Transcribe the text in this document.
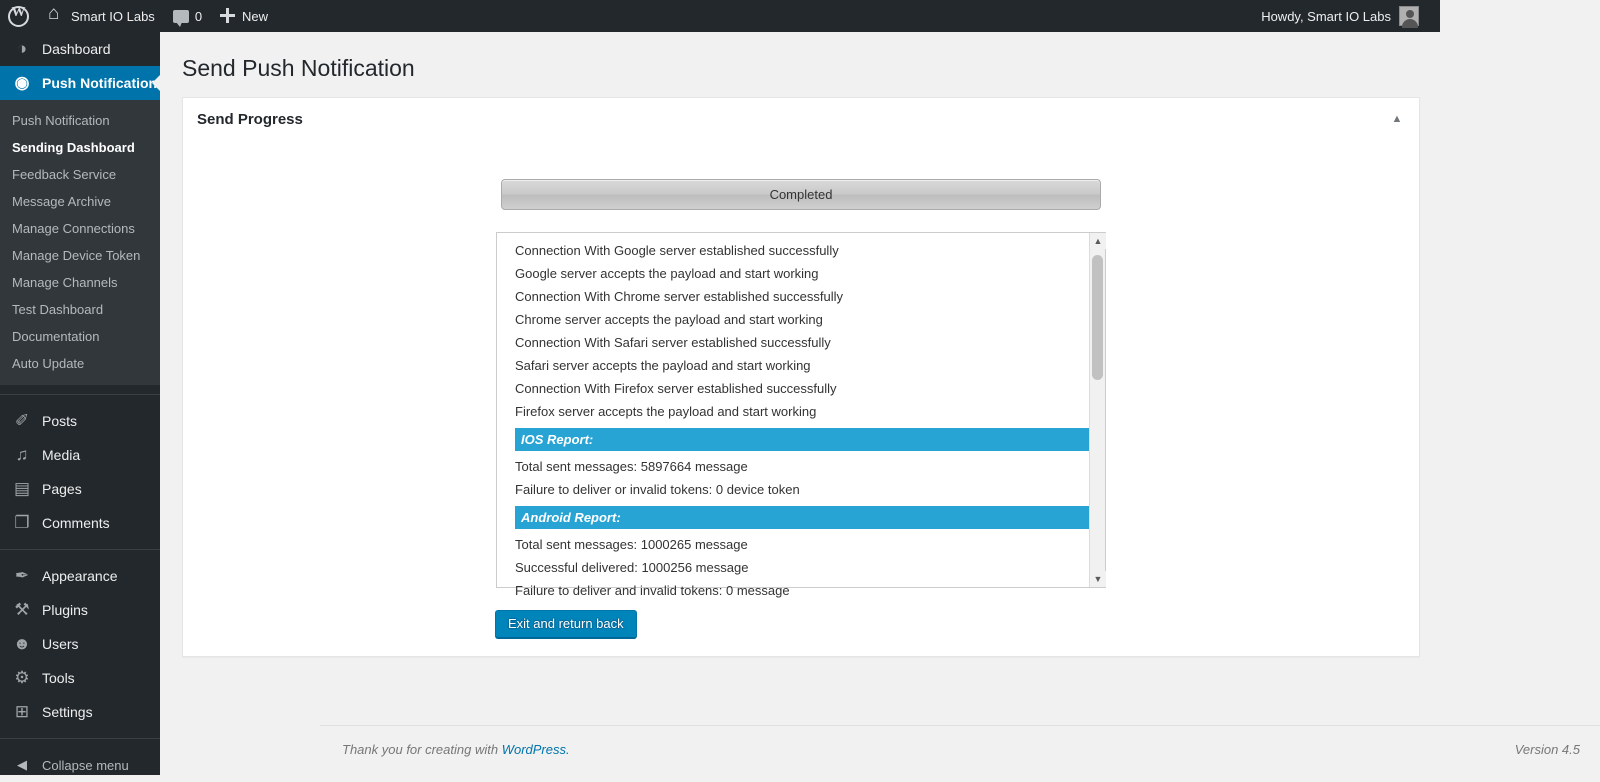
W
⌂
Smart IO Labs	0	New	Howdy, Smart IO Labs
◑	Dashboard
◉ Push Notification
Push Notification
Sending Dashboard
Feedback Service
Message Archive
Manage Connections
Manage Device Token
Manage Channels
Test Dashboard
Documentation
Auto Update
✐ Posts
♫ Media
▤ Pages
❐ Comments
✒ Appearance
⚒ Plugins
☻ Users
⚙ Tools
⊞ Settings
◀	Collapse menu
Send Push Notification
Send Progress	▲
Completed
Connection With Google server established successfully
Google server accepts the payload and start working
Connection With Chrome server established successfully
Chrome server accepts the payload and start working
Connection With Safari server established successfully
Safari server accepts the payload and start working
Connection With Firefox server established successfully
Firefox server accepts the payload and start working
IOS Report:
Total sent messages: 5897664 message
Failure to deliver or invalid tokens: 0 device token
Android Report:
Total sent messages: 1000265 message
Successful delivered: 1000256 message
Failure to deliver and invalid tokens: 0 message
▲
▼
Exit and return back
Thank you for creating with WordPress.	Version 4.5
